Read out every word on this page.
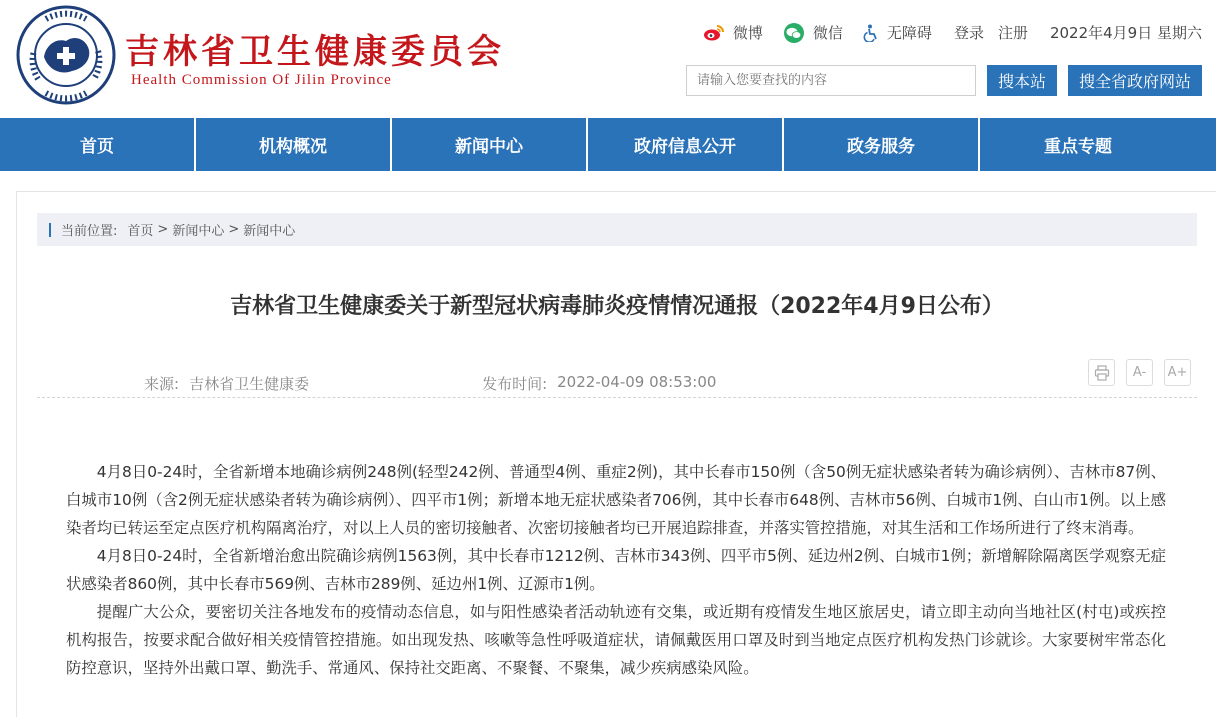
吉林省卫生健康委员会
Health Commission Of Jilin Province
微博	微信	无障碍 登录 注册 2022年4月9日 星期六
请输入您要查找的内容
搜本站	搜全省政府网站
首页	机构概况	新闻中心	政府信息公开	政务服务	重点专题
当前位置: 首页 > 新闻中心 > 新闻中心
吉林省卫生健康委关于新型冠状病毒肺炎疫情情况通报（2022年4月9日公布）
来源: 吉林省卫生健康委	发布时间: 2022-04-09 08:53:00
A-	A+

4月8日0-24时，全省新增本地确诊病例248例(轻型242例、普通型4例、重症2例)，其中长春市150例（含50例无症状感染者转为确诊病例）、吉林市87例、白城市10例（含2例无症状感染者转为确诊病例）、四平市1例；新增本地无症状感染者706例，其中长春市648例、吉林市56例、白城市1例、白山市1例。以上感染者均已转运至定点医疗机构隔离治疗，对以上人员的密切接触者、次密切接触者均已开展追踪排查，并落实管控措施，对其生活和工作场所进行了终末消毒。

4月8日0-24时，全省新增治愈出院确诊病例1563例，其中长春市1212例、吉林市343例、四平市5例、延边州2例、白城市1例；新增解除隔离医学观察无症状感染者860例，其中长春市569例、吉林市289例、延边州1例、辽源市1例。

提醒广大公众，要密切关注各地发布的疫情动态信息，如与阳性感染者活动轨迹有交集，或近期有疫情发生地区旅居史，请立即主动向当地社区(村屯)或疾控机构报告，按要求配合做好相关疫情管控措施。如出现发热、咳嗽等急性呼吸道症状，请佩戴医用口罩及时到当地定点医疗机构发热门诊就诊。大家要树牢常态化防控意识，坚持外出戴口罩、勤洗手、常通风、保持社交距离、不聚餐、不聚集，减少疾病感染风险。
